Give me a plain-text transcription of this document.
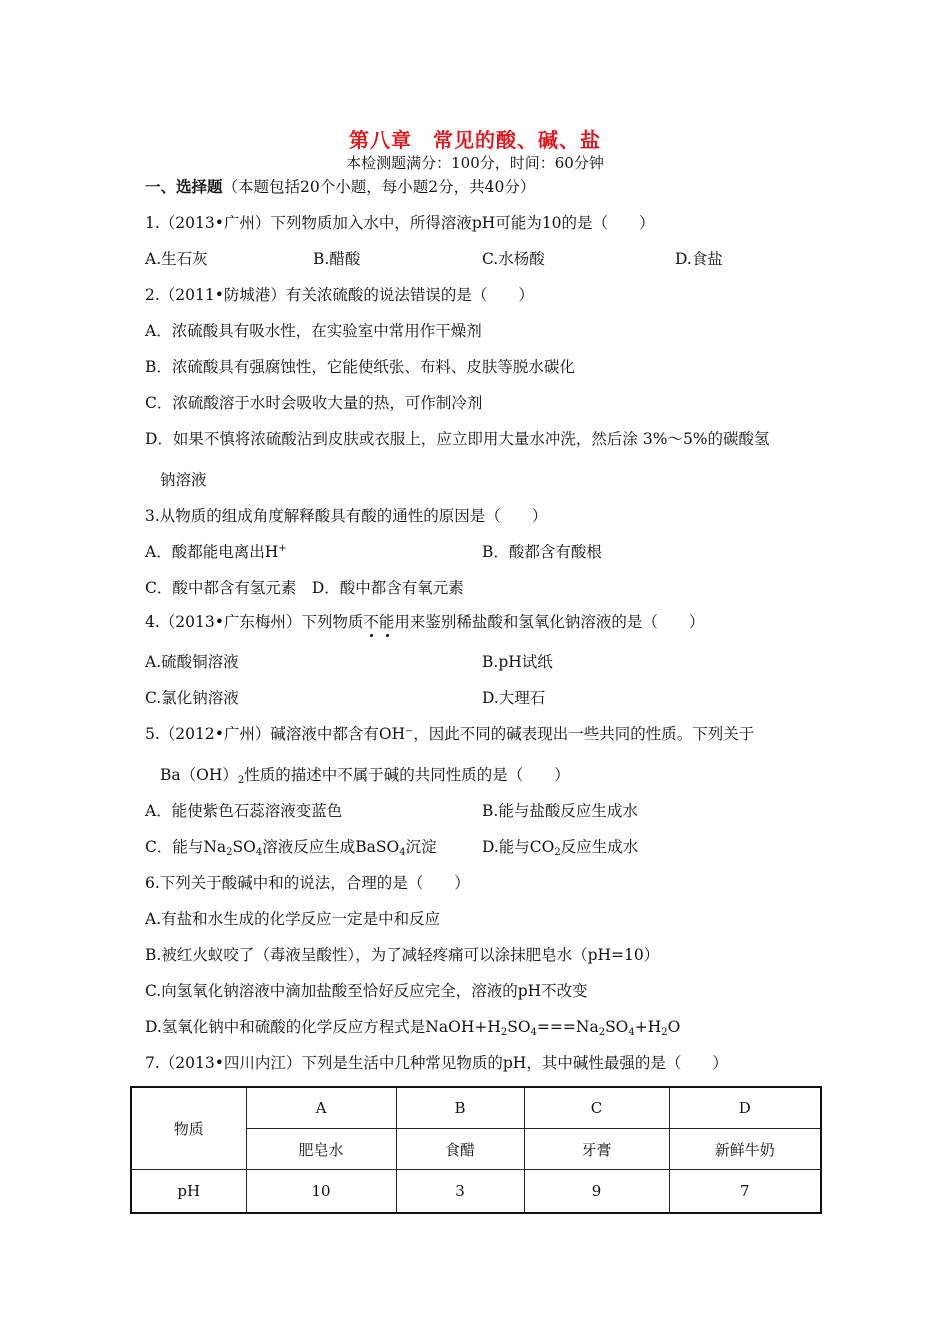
第八章　常见的酸、碱、盐
本检测题满分：100分，时间：60分钟
一、选择题（本题包括20个小题，每小题2分，共40分）
1.（2013•广州）下列物质加入水中，所得溶液pH可能为10的是（　　）
A.生石灰	B.醋酸	C.水杨酸	D.食盐
2.（2011•防城港）有关浓硫酸的说法错误的是（　　）
A．浓硫酸具有吸水性，在实验室中常用作干燥剂
B．浓硫酸具有强腐蚀性，它能使纸张、布料、皮肤等脱水碳化
C．浓硫酸溶于水时会吸收大量的热，可作制冷剂
D．如果不慎将浓硫酸沾到皮肤或衣服上，应立即用大量水冲洗，然后涂 3%～5%的碳酸氢
钠溶液
3.从物质的组成角度解释酸具有酸的通性的原因是（　　）
A．酸都能电离出H+	B．酸都含有酸根
C．酸中都含有氢元素　D．酸中都含有氧元素
4.（2013•广东梅州）下列物质不能用来鉴别稀盐酸和氢氧化钠溶液的是（　　）
A.硫酸铜溶液	B.pH试纸
C.氯化钠溶液	D.大理石
5.（2012•广州）碱溶液中都含有OH⁻，因此不同的碱表现出一些共同的性质。下列关于
$Ba(OH)_2$性质的描述中不属于碱的共同性质的是（　　）
A．能使紫色石蕊溶液变蓝色	B.能与盐酸反应生成水
C．能与$Na_2SO_4$溶液反应生成BaSO$_4$沉淀	D.能与$CO_2$反应生成水
6.下列关于酸碱中和的说法，合理的是（　　）
A.有盐和水生成的化学反应一定是中和反应
B.被红火蚁咬了（毒液呈酸性），为了减轻疼痛可以涂抹肥皂水（pH=10）
C.向氢氧化钠溶液中滴加盐酸至恰好反应完全，溶液的pH不改变
D.氢氧化钠中和硫酸的化学反应方程式是$NaOH+H_2SO_4===Na_2SO_4+H_2O$
7.（2013•四川内江）下列是生活中几种常见物质的pH，其中碱性最强的是（　　）
物质	A	B	C	D
	肥皂水	食醋	牙膏	新鲜牛奶
pH	10	3	9	7
